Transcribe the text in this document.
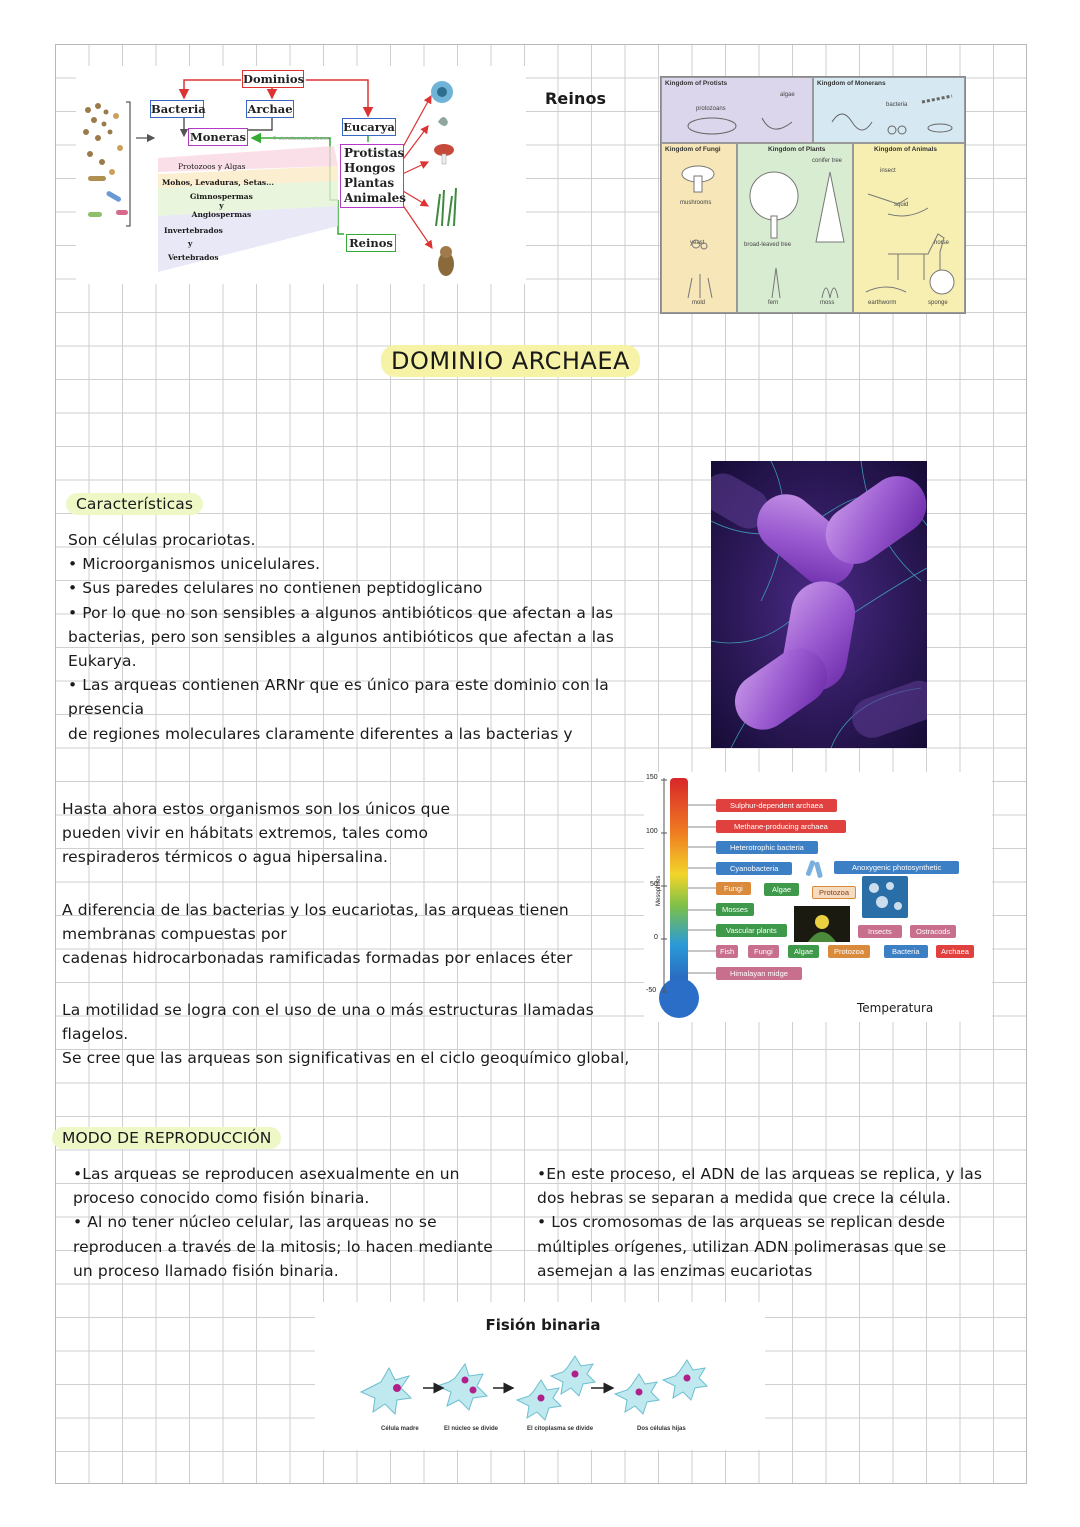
Dominios
Bacteria	Archae
Eucarya
Moneras	© cienciasnaturales.es
Protistas
Hongos
Plantas
Animales
Reinos
Protozoos y Algas
Mohos, Levaduras, Setas...
Gimnospermas
y
Angiospermas
Invertebrados
y
Vertebrados
Reinos
Kingdom of Protists
protozoans
algae
Kingdom of Monerans
bacteria
Kingdom of Fungi
mushrooms
yeast
mold
Kingdom of Plants
conifer tree
broad-leaved tree
fern	moss
Kingdom of Animals
insect
squid
horse
earthworm	sponge
DOMINIO ARCHAEA
Características
Son células procariotas.
• Microorganismos unicelulares.
• Sus paredes celulares no contienen peptidoglicano
• Por lo que no son sensibles a algunos antibióticos que afectan a las
bacterias, pero son sensibles a algunos antibióticos que afectan a las
Eukarya.
• Las arqueas contienen ARNr que es único para este dominio con la
presencia
de regiones moleculares claramente diferentes a las bacterias y
Hasta ahora estos organismos son los únicos que
pueden vivir en hábitats extremos, tales como
respiraderos térmicos o agua hipersalina.
A diferencia de las bacterias y los eucariotas, las arqueas tienen
membranas compuestas por
cadenas hidrocarbonadas ramificadas formadas por enlaces éter
La motilidad se logra con el uso de una o más estructuras llamadas
flagelos.
Se cree que las arqueas son significativas en el ciclo geoquímico global,
150
100
50
0
-50
Mesophiles
Sulphur-dependent archaea
Methane-producing archaea
Heterotrophic bacteria
Cyanobacteria	Anoxygenic photosynthetic
Fungi	Algae	Protozoa
Mosses
Vascular plants	Insects	Ostracods
Fish	Fungi	Algae	Protozoa	Bacteria	Archaea
Himalayan midge
Temperatura
MODO DE REPRODUCCIÓN
•Las arqueas se reproducen asexualmente en un
proceso conocido como fisión binaria.
• Al no tener núcleo celular, las arqueas no se
reproducen a través de la mitosis; lo hacen mediante
un proceso llamado fisión binaria.
•En este proceso, el ADN de las arqueas se replica, y las
dos hebras se separan a medida que crece la célula.
• Los cromosomas de las arqueas se replican desde
múltiples orígenes, utilizan ADN polimerasas que se
asemejan a las enzimas eucariotas
Fisión binaria
Célula madre	El núcleo se divide	El citoplasma se divide	Dos células hijas
